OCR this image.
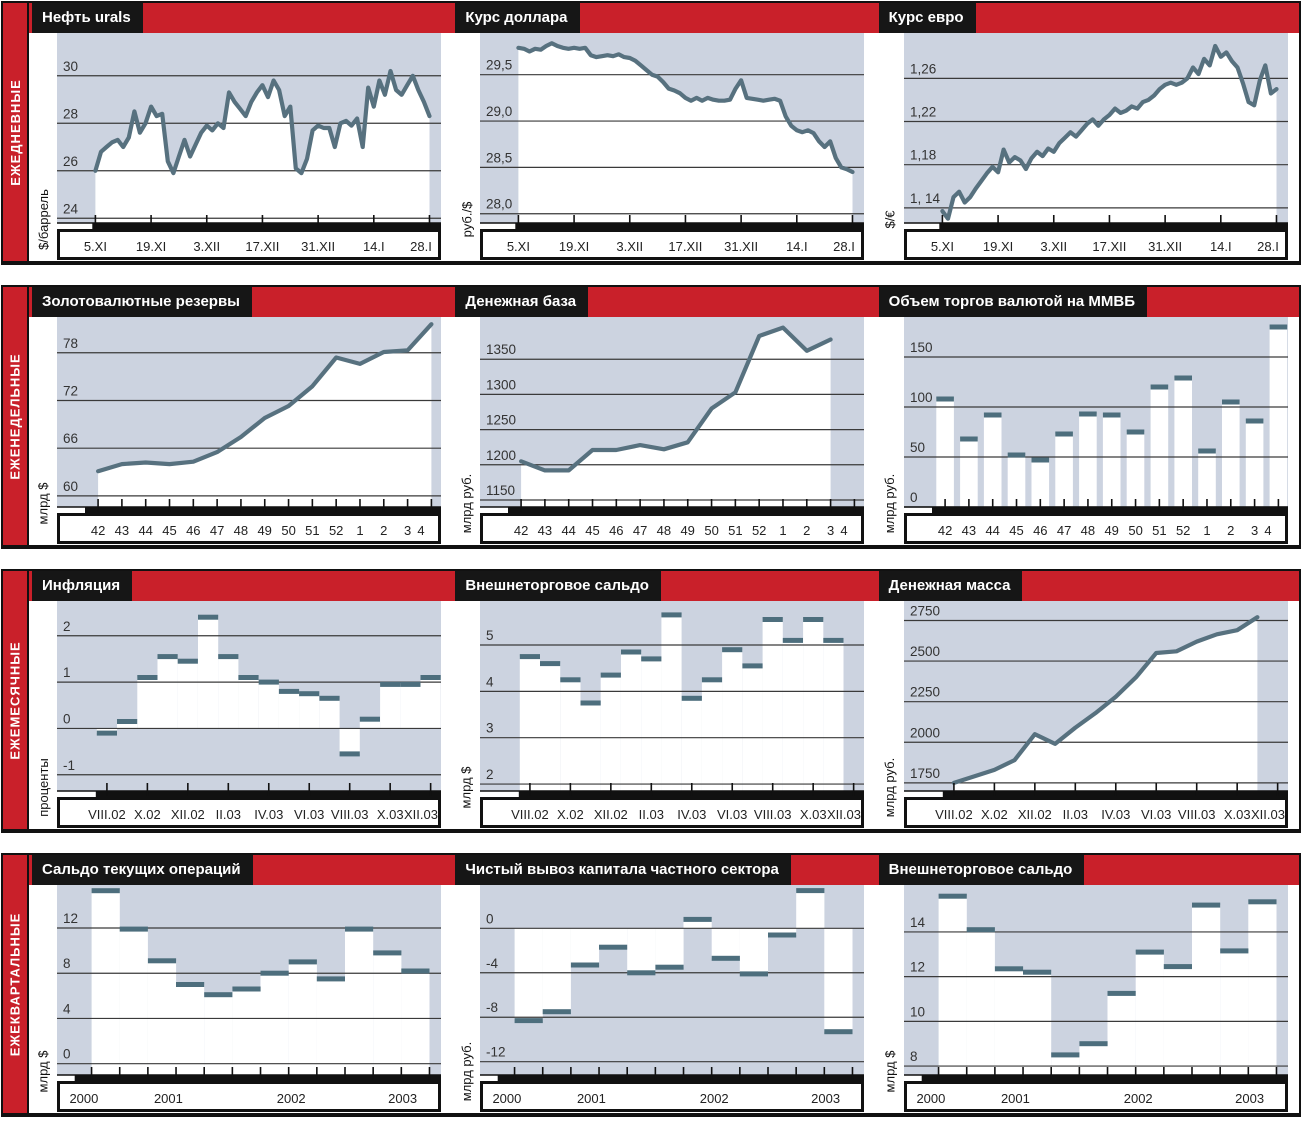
ЕЖЕДНЕВНЫЕ
Нефть urals	Курс доллара	Курс евро
$/баррель 24
26
28
30
5.XI 19.XI 3.XII 17.XII 31.XII 14.I 28.I
руб./$ 28,0
28,5
29,0
29,5
5.XI 19.XI 3.XII 17.XII 31.XII 14.I 28.I
$/€
1, 14
1,18
1,22
1,26
5.XI 19.XI 3.XII 17.XII 31.XII 14.I 28.I
ЕЖЕНЕДЕЛЬНЫЕ
Золотовалютные резервы	Денежная база	Объем торгов валютой на ММВБ
млрд $ 60
66
72
78
42 43 44 45 46 47 48 49 50 51 52 1 2 3 4	млрд руб. 1150
1200
1250
1300
1350
42 43 44 45 46 47 48 49 50 51 52 1 2 3 4	млрд руб. 0
50
100
150
42 43 44 45 46 47 48 49 50 51 52 1 2 3 4
ЕЖЕМЕСЯЧНЫЕ
Инфляция	Внешнеторговое сальдо	Денежная масса
проценты -1
0
1
2
VIII.02 X.02 XII.02 II.03 IV.03 VI.03 VIII.03 X.03 XII.03
млрд $ 2
3
4
5
VIII.02 X.02 XII.02 II.03 IV.03 VI.03 VIII.03 X.03 XII.03 млрд руб. 1750
2000
2250
2500
2750
VIII.02 X.02 XII.02 II.03 IV.03 VI.03 VIII.03 X.03 XII.03
ЕЖЕКВАРТАЛЬНЫЕ
Сальдо текущих операций	Чистый вывоз капитала частного сектора	Внешнеторговое сальдо
млрд $ 0
4
8
12
2000	2001	2002	2003	млрд руб. -12
-8
-4
0
2000	2001	2002	2003
млрд $ 8
10
12
14
2000	2001	2002	2003
